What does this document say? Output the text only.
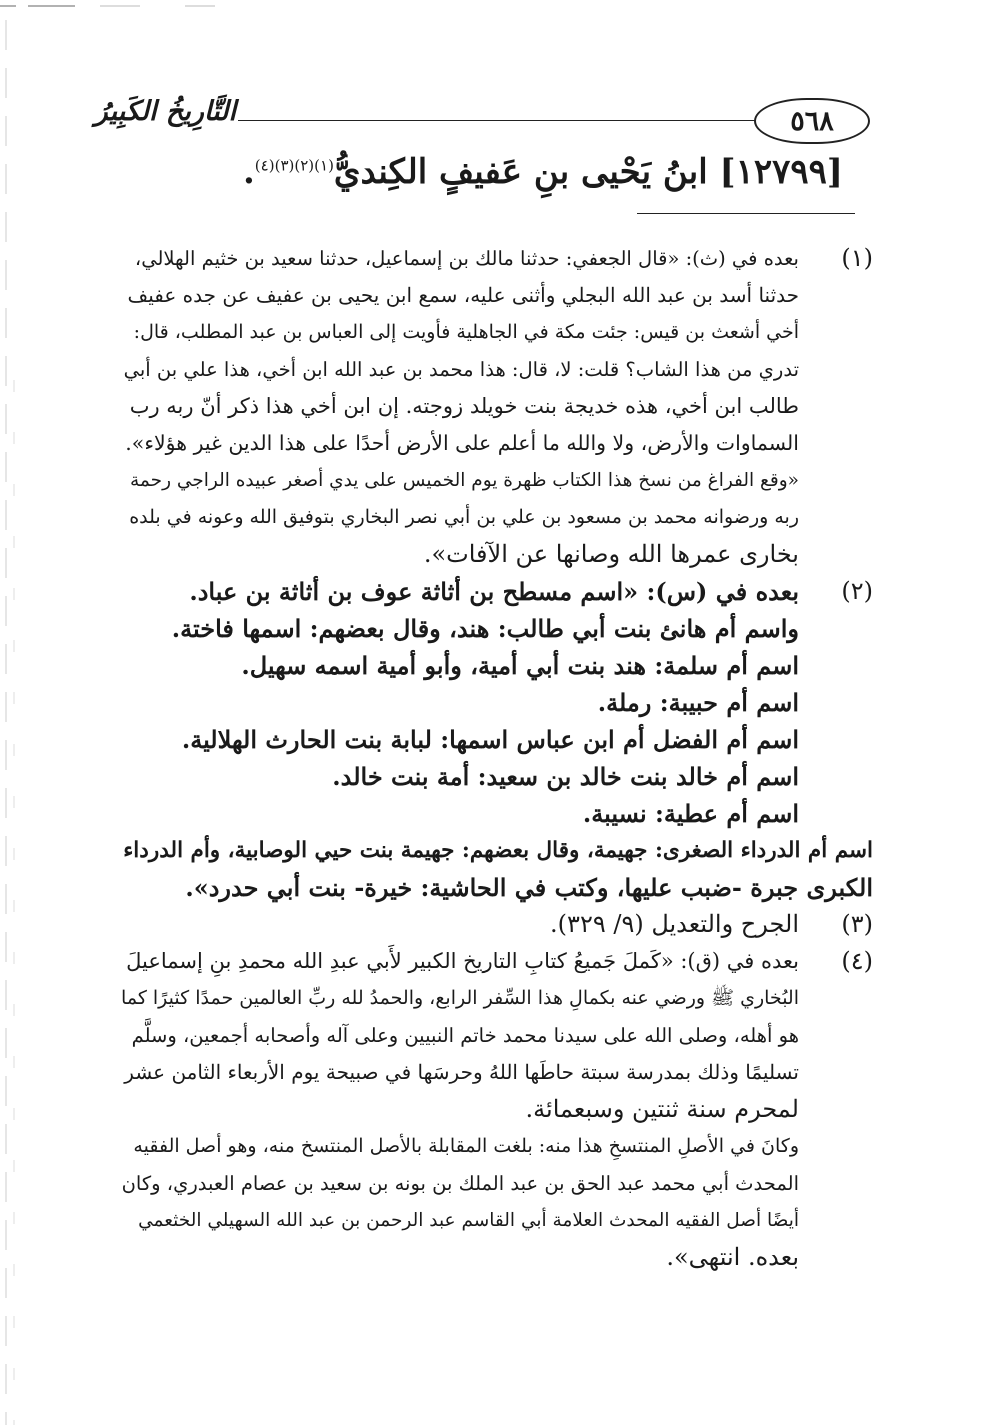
التَّارِيخُ الكَبِيرُ	٥٦٨
[١٢٧٩٩] ابنُ يَحْيى بنِ عَفيفٍ الكِنديُّ$^{(١)(٢)(٣)(٤)}$.
(١)
بعده في (ث): «قال الجعفي: حدثنا مالك بن إسماعيل، حدثنا سعيد بن خثيم الهلالي،
حدثنا أسد بن عبد الله البجلي وأثنى عليه، سمع ابن يحيى بن عفيف عن جده عفيف
أخي أشعث بن قيس: جئت مكة في الجاهلية فأويت إلى العباس بن عبد المطلب، قال:
تدري من هذا الشاب؟ قلت: لا، قال: هذا محمد بن عبد الله ابن أخي، هذا علي بن أبي
طالب ابن أخي، هذه خديجة بنت خويلد زوجته. إن ابن أخي هذا ذكر أنّ ربه رب
السماوات والأرض، ولا والله ما أعلم على الأرض أحدًا على هذا الدين غير هؤلاء».
«وقع الفراغ من نسخ هذا الكتاب ظهرة يوم الخميس على يدي أصغر عبيده الراجي رحمة
ربه ورضوانه محمد بن مسعود بن علي بن أبي نصر البخاري بتوفيق الله وعونه في بلده
بخارى عمرها الله وصانها عن الآفات».
(٢)
بعده في (س): «اسم مسطح بن أثاثة عوف بن أثاثة بن عباد.
واسم أم هانئ بنت أبي طالب: هند، وقال بعضهم: اسمها فاختة.
اسم أم سلمة: هند بنت أبي أمية، وأبو أمية اسمه سهيل.
اسم أم حبيبة: رملة.
اسم أم الفضل أم ابن عباس اسمها: لبابة بنت الحارث الهلالية.
اسم أم خالد بنت خالد بن سعيد: أمة بنت خالد.
اسم أم عطية: نسيبة.
اسم أم الدرداء الصغرى: جهيمة، وقال بعضهم: جهيمة بنت حيي الوصابية، وأم الدرداء
الكبرى جبرة -ضبب عليها، وكتب في الحاشية: خيرة- بنت أبي حدرد».
(٣)
الجرح والتعديل (٩/ ٣٢٩).
(٤)
بعده في (ق): «كَملَ جَميعُ كتابِ التاريخ الكبير لأَبي عبدِ الله محمدِ بنِ إسماعيلَ
البُخاري ﷺ ورضي عنه بكمالِ هذا السِّفر الرابع، والحمدُ لله ربِّ العالمين حمدًا كثيرًا كما
هو أهله، وصلى الله على سيدنا محمد خاتم النبيين وعلى آله وأصحابه أجمعين، وسلَّم
تسليمًا وذلك بمدرسة سبتة حاطَها اللهُ وحرسَها في صبيحة يوم الأربعاء الثامن عشر
لمحرم سنة ثنتين وسبعمائة.
وكانَ في الأصلِ المنتسخِ هذا منه: بلغت المقابلة بالأصل المنتسخ منه، وهو أصل الفقيه
المحدث أبي محمد عبد الحق بن عبد الملك بن بونه بن سعيد بن عصام العبدري، وكان
أيضًا أصل الفقيه المحدث العلامة أبي القاسم عبد الرحمن بن عبد الله السهيلي الخثعمي
بعده. انتهى».
